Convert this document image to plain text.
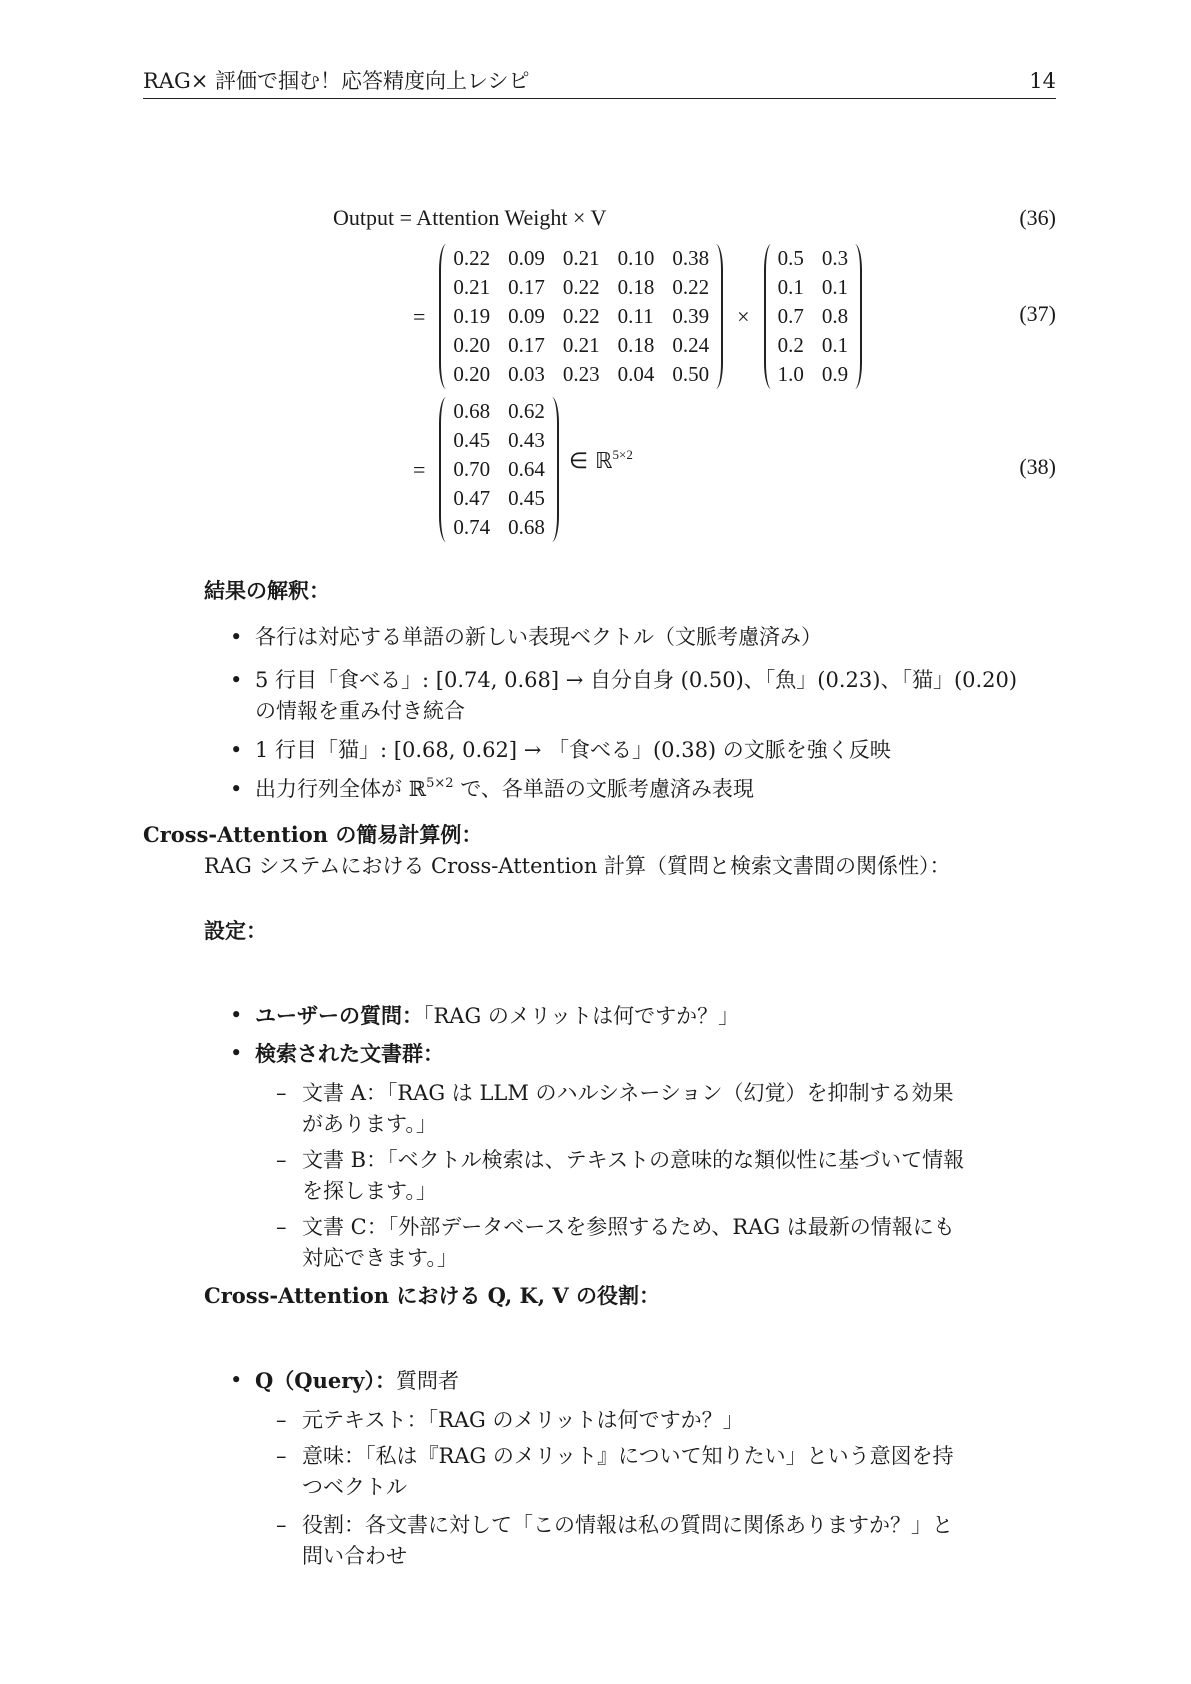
RAG× 評価で掴む！応答精度向上レシピ	14
Output = Attention Weight × V	(36)
=
0.22	0.09	0.21	0.10	0.38
0.21	0.17	0.22	0.18	0.22
0.19	0.09	0.22	0.11	0.39
0.20	0.17	0.21	0.18	0.24
0.20	0.03	0.23	0.04	0.50
×
0.5	0.3
0.1	0.1
0.7	0.8
0.2	0.1
1.0	0.9
(37)
=
0.68	0.62
0.45	0.43
0.70	0.64
0.47	0.45
0.74	0.68
∈ ℝ$^{5\times 2}$	(38)
結果の解釈：
• 各行は対応する単語の新しい表現ベクトル（文脈考慮済み）
• 5 行目「食べる」: [0.74, 0.68] → 自分自身 (0.50)、「魚」(0.23)、「猫」(0.20)
の情報を重み付き統合
• 1 行目「猫」: [0.68, 0.62] → 「食べる」(0.38) の文脈を強く反映
• 出力行列全体が ℝ$^{5\times 2}$ で、各単語の文脈考慮済み表現
Cross-Attention の簡易計算例：
RAG システムにおける Cross-Attention 計算（質問と検索文書間の関係性）：
設定：
• ユーザーの質問：「RAG のメリットは何ですか？」
• 検索された文書群：
– 文書 A：「RAG は LLM のハルシネーション（幻覚）を抑制する効果
があります。」
– 文書 B：「ベクトル検索は、テキストの意味的な類似性に基づいて情報
を探します。」
– 文書 C：「外部データベースを参照するため、RAG は最新の情報にも
対応できます。」
Cross-Attention における Q, K, V の役割：
• Q（Query）：質問者
– 元テキスト：「RAG のメリットは何ですか？」
– 意味：「私は『RAG のメリット』について知りたい」という意図を持
つベクトル
– 役割：各文書に対して「この情報は私の質問に関係ありますか？」と
問い合わせ
